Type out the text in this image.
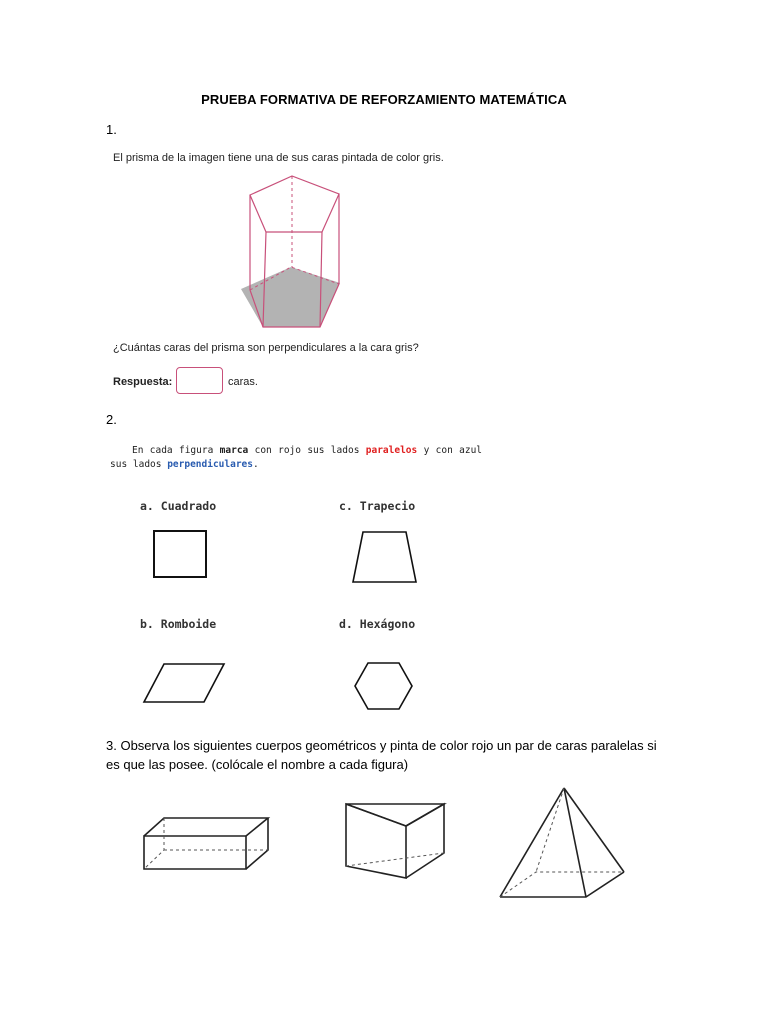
PRUEBA FORMATIVA DE REFORZAMIENTO MATEMÁTICA
1.
El prisma de la imagen tiene una de sus caras pintada de color gris.
¿Cuántas caras del prisma son perpendiculares a la cara gris?
Respuesta:	caras.
2.
En cada figura marca con rojo sus lados paralelos y con azul sus lados perpendiculares.
a. Cuadrado	c. Trapecio
b. Romboide	d. Hexágono
3. Observa los siguientes cuerpos geométricos y pinta de color rojo un par de caras paralelas si es que las posee. (colócale el nombre a cada figura)
